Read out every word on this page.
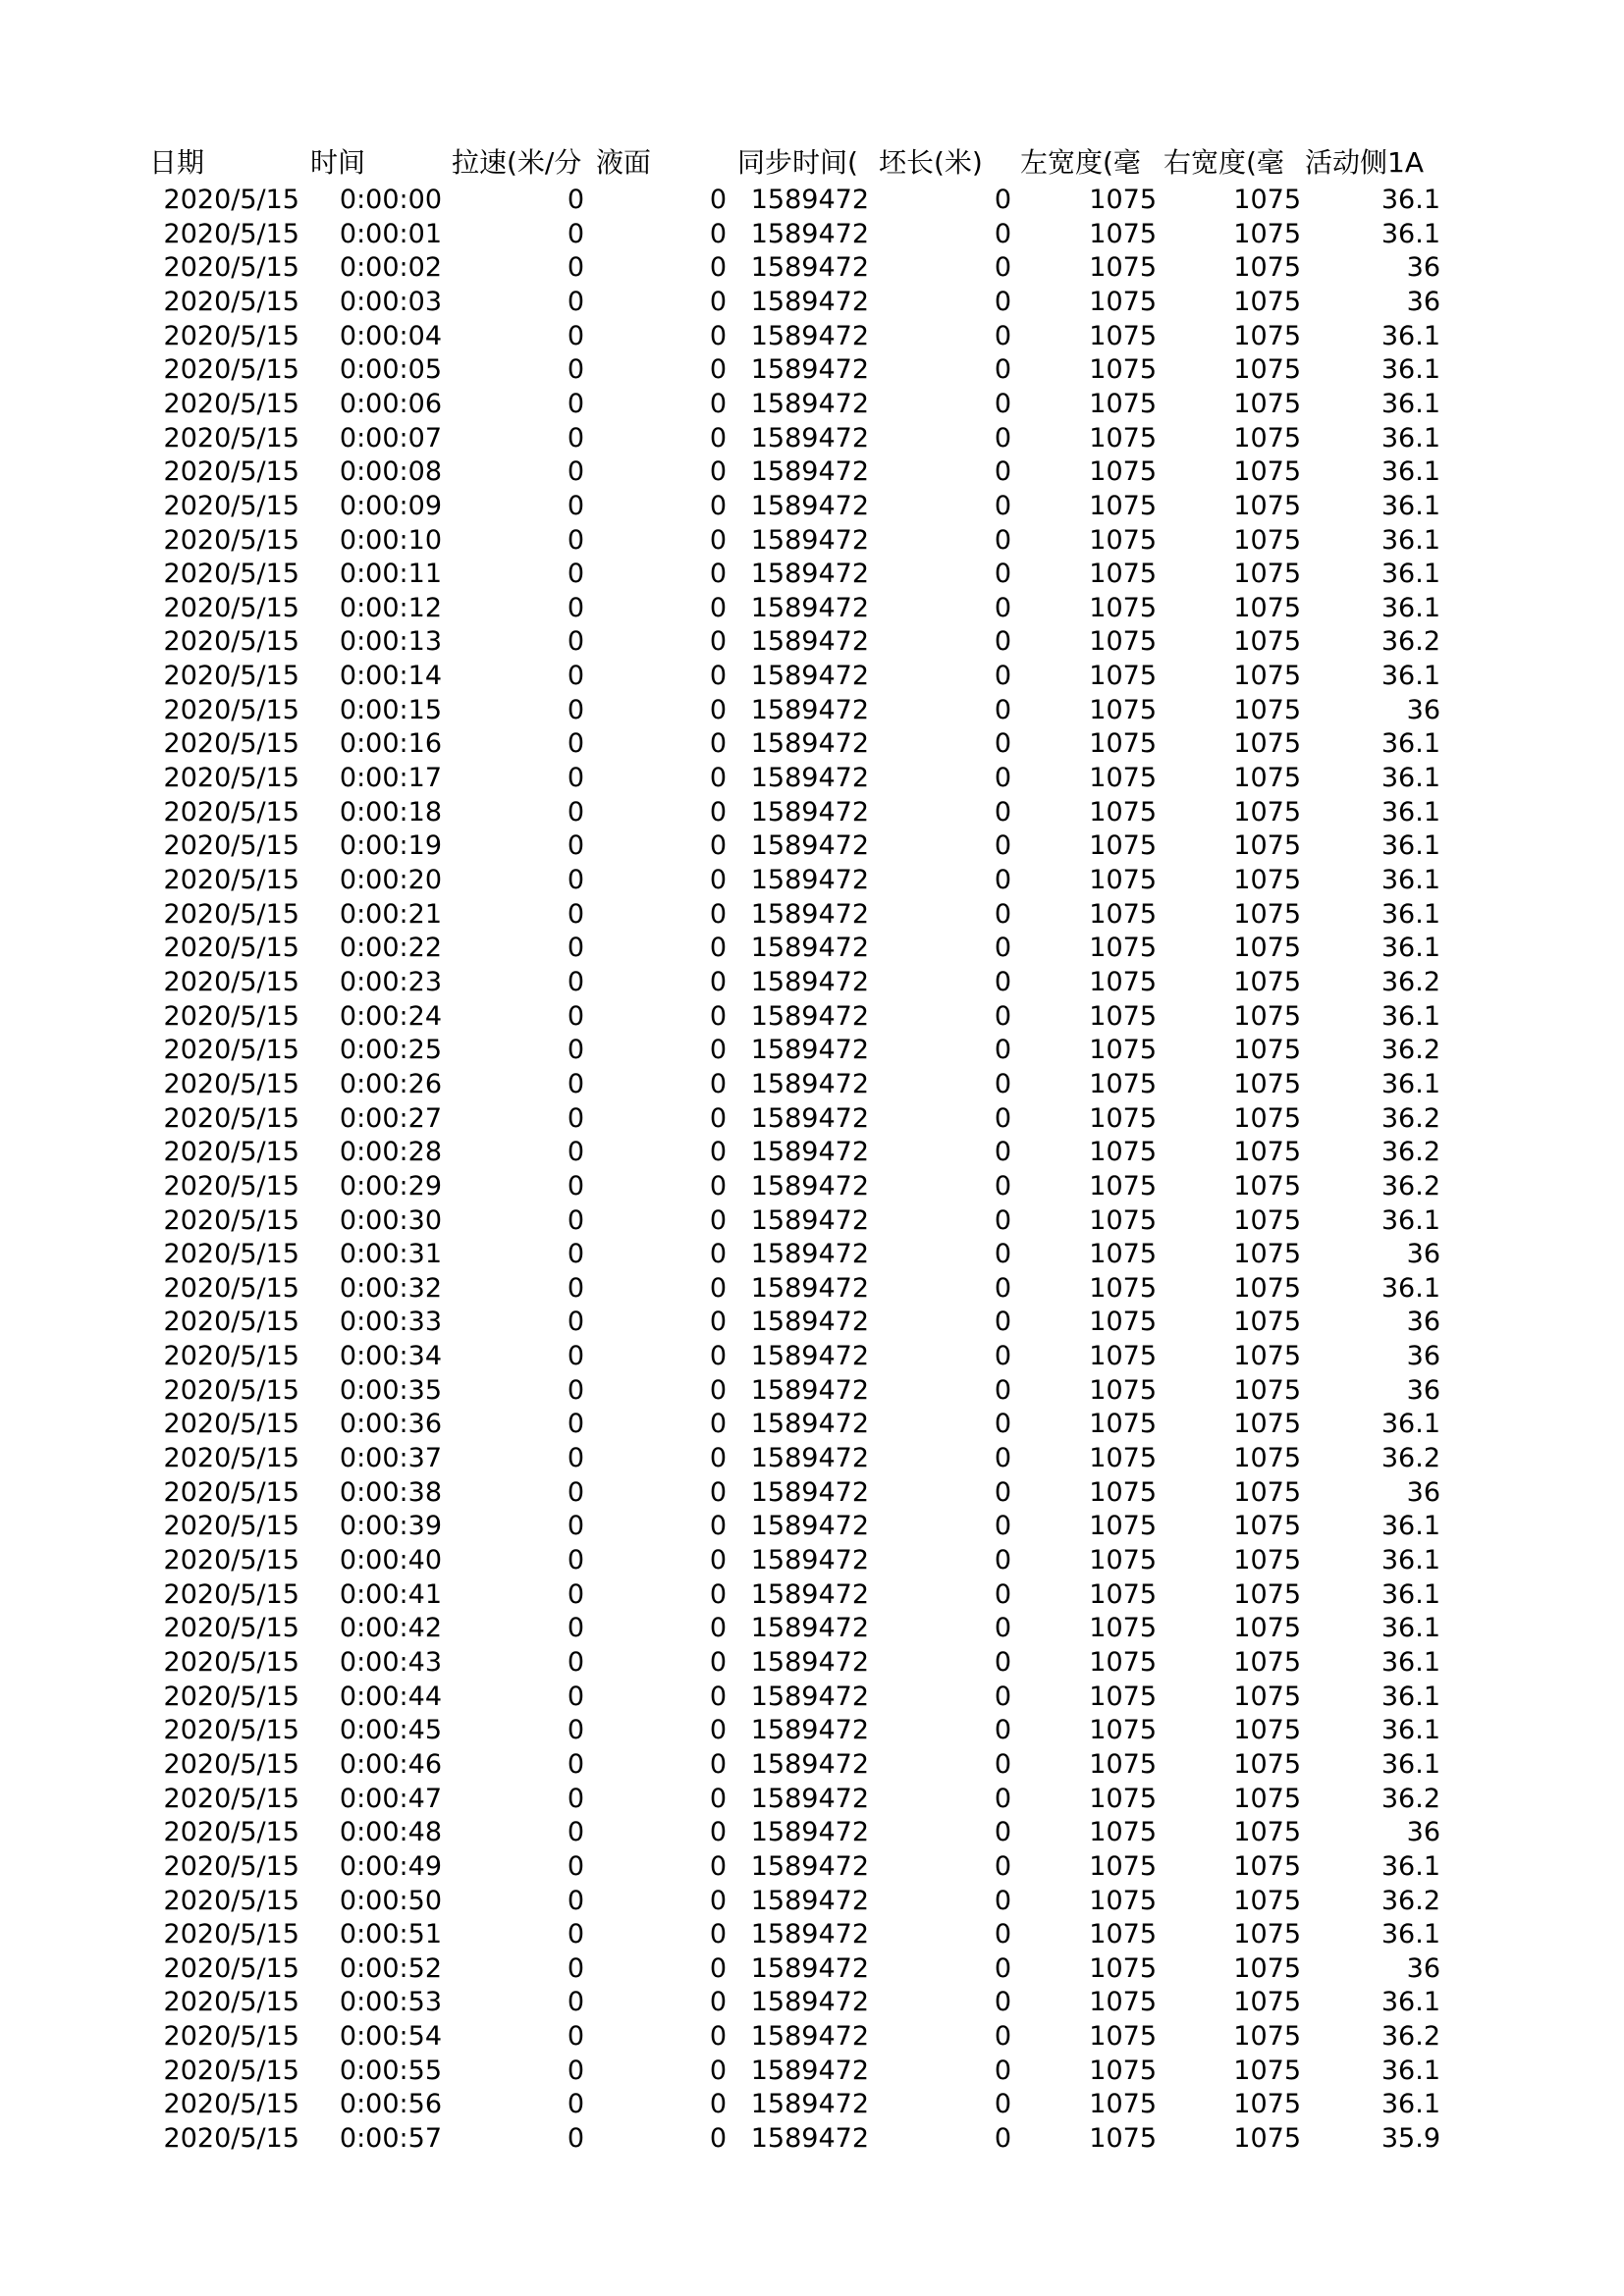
日期	时间	拉速(米/分 液面	同步时间( 坯长(米)	左宽度(毫 右宽度(毫 活动侧1A
2020/5/15	0:00:00	0	0 1589472	0	1075	1075	36.1
2020/5/15	0:00:01	0	0 1589472	0	1075	1075	36.1
2020/5/15	0:00:02	0	0 1589472	0	1075	1075	36
2020/5/15	0:00:03	0	0 1589472	0	1075	1075	36
2020/5/15	0:00:04	0	0 1589472	0	1075	1075	36.1
2020/5/15	0:00:05	0	0 1589472	0	1075	1075	36.1
2020/5/15	0:00:06	0	0 1589472	0	1075	1075	36.1
2020/5/15	0:00:07	0	0 1589472	0	1075	1075	36.1
2020/5/15	0:00:08	0	0 1589472	0	1075	1075	36.1
2020/5/15	0:00:09	0	0 1589472	0	1075	1075	36.1
2020/5/15	0:00:10	0	0 1589472	0	1075	1075	36.1
2020/5/15	0:00:11	0	0 1589472	0	1075	1075	36.1
2020/5/15	0:00:12	0	0 1589472	0	1075	1075	36.1
2020/5/15	0:00:13	0	0 1589472	0	1075	1075	36.2
2020/5/15	0:00:14	0	0 1589472	0	1075	1075	36.1
2020/5/15	0:00:15	0	0 1589472	0	1075	1075	36
2020/5/15	0:00:16	0	0 1589472	0	1075	1075	36.1
2020/5/15	0:00:17	0	0 1589472	0	1075	1075	36.1
2020/5/15	0:00:18	0	0 1589472	0	1075	1075	36.1
2020/5/15	0:00:19	0	0 1589472	0	1075	1075	36.1
2020/5/15	0:00:20	0	0 1589472	0	1075	1075	36.1
2020/5/15	0:00:21	0	0 1589472	0	1075	1075	36.1
2020/5/15	0:00:22	0	0 1589472	0	1075	1075	36.1
2020/5/15	0:00:23	0	0 1589472	0	1075	1075	36.2
2020/5/15	0:00:24	0	0 1589472	0	1075	1075	36.1
2020/5/15	0:00:25	0	0 1589472	0	1075	1075	36.2
2020/5/15	0:00:26	0	0 1589472	0	1075	1075	36.1
2020/5/15	0:00:27	0	0 1589472	0	1075	1075	36.2
2020/5/15	0:00:28	0	0 1589472	0	1075	1075	36.2
2020/5/15	0:00:29	0	0 1589472	0	1075	1075	36.2
2020/5/15	0:00:30	0	0 1589472	0	1075	1075	36.1
2020/5/15	0:00:31	0	0 1589472	0	1075	1075	36
2020/5/15	0:00:32	0	0 1589472	0	1075	1075	36.1
2020/5/15	0:00:33	0	0 1589472	0	1075	1075	36
2020/5/15	0:00:34	0	0 1589472	0	1075	1075	36
2020/5/15	0:00:35	0	0 1589472	0	1075	1075	36
2020/5/15	0:00:36	0	0 1589472	0	1075	1075	36.1
2020/5/15	0:00:37	0	0 1589472	0	1075	1075	36.2
2020/5/15	0:00:38	0	0 1589472	0	1075	1075	36
2020/5/15	0:00:39	0	0 1589472	0	1075	1075	36.1
2020/5/15	0:00:40	0	0 1589472	0	1075	1075	36.1
2020/5/15	0:00:41	0	0 1589472	0	1075	1075	36.1
2020/5/15	0:00:42	0	0 1589472	0	1075	1075	36.1
2020/5/15	0:00:43	0	0 1589472	0	1075	1075	36.1
2020/5/15	0:00:44	0	0 1589472	0	1075	1075	36.1
2020/5/15	0:00:45	0	0 1589472	0	1075	1075	36.1
2020/5/15	0:00:46	0	0 1589472	0	1075	1075	36.1
2020/5/15	0:00:47	0	0 1589472	0	1075	1075	36.2
2020/5/15	0:00:48	0	0 1589472	0	1075	1075	36
2020/5/15	0:00:49	0	0 1589472	0	1075	1075	36.1
2020/5/15	0:00:50	0	0 1589472	0	1075	1075	36.2
2020/5/15	0:00:51	0	0 1589472	0	1075	1075	36.1
2020/5/15	0:00:52	0	0 1589472	0	1075	1075	36
2020/5/15	0:00:53	0	0 1589472	0	1075	1075	36.1
2020/5/15	0:00:54	0	0 1589472	0	1075	1075	36.2
2020/5/15	0:00:55	0	0 1589472	0	1075	1075	36.1
2020/5/15	0:00:56	0	0 1589472	0	1075	1075	36.1
2020/5/15	0:00:57	0	0 1589472	0	1075	1075	35.9
